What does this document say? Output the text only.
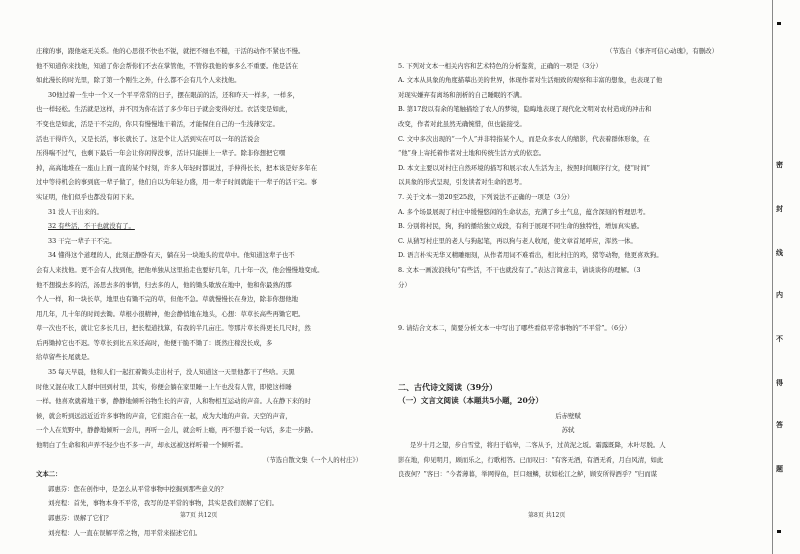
庄稼的事，跟他毫无关系。他的心思很不快也不锐，就把不细也不糙，干活的动作不紧也不慢。

他不知道你来找他，知道了你会帮你们不去在掌管他，不管你我他的事多么不重要。他是活在

如此漫长的时光里，除了第一个刚生之外，什么都不会有几个人来找他。

30他过着一生中一个又一个平平常常的日子，摆在眼前的活，还和昨天一样多，一样多，

也一样轻松。生活就是这样，并不因为你在活了多少年日子就会变得好过。衣活变是如此，

不变也是如此，活是干不完的，你只有慢慢地干着活，才能保住自己的一生浅薄安定。

活也干得许久，又是长活，事长就长了。这是个让人活到实在可以一年的活说会

压得喘不过气，也剩下最后一年会让你闲得没事，活计只能拼上一辈子。除非你想把它嘿

掉，高高地堆在一座山上面一直的某个时刻，许多人年轻时都说过，手伸得长长，把本该是好多年在

过中等待机会的事到底一辈子做了，他们自以为年轻力盛，用一辈子时间就能干一辈子的活干完。事

实证明，他们似乎也都没有闲下来。

31 没人干出来的。

32 有些活，不干也就没有了。

33 干完一辈子干不完。

34 懂得这个道理的人，此刻正静卧有天，躺在另一块地头的荒草中。他知道这辈子也不

会有人来找他。更不会有人找到他，把他单独从这里抬走也要好几年，几十年一次，他会慢慢地变成。

他不想摸去多的活，汤思去多的事情，归去多的人，他的锄头歇放在地中，他和你最熟的那

个人一样，和一块长草，地里也有锄不完的草，但他不急。草就慢慢长在身边，除非你想他地

用几年，几十年的时间去锄。草根小很精神，他会静悄地在地头，心想：草草长高些再锄它吧。

草一次也不长，就让它多长几日，把长程道找算，有我的半几亩庄。等那片草长得更长几尺时，然

后再锄掉它也不迟。等草长到比五米还高时，他便干脆不锄了：既然庄稼没长成，多

给草留些长尾就是。

35 每天早晨，他和人们一起扛着锄头走出村子，没人知道这一天里他都干了些啥。天黑

时他又混在收工人群中回到村里，其实，你便会躺在家里睡一上午也没有人管，即使这样睡

一样。他喜欢就着地干事，静静地倾听谷物生长的声音，人和物相互运动的声音。人在静下来的时

候，就会听到远远近近许多事物的声音，它们组合在一起，成为大地的声音。天空的声音，

一个人在荒野中，静静地倾听一会儿，再听一会儿，就会听上瘾，再不想手说一句话，多走一步路。

他明白了生命和和声弄不轻少也不多一声，却永远被这样听着一个倾听者。

（节选自散文集《一个人的村庄》）

文本二：

郭惠芬：您在创作中，是怎么从平常事物中挖掘到那些意义的？

刘亮程：首先，事物本身不平常，我写的是平常的事物，其实是我们误解了它们。

郭惠芬：误解了它们？

刘亮程：人一直在误解平常之物，用平常来描述它们。

（节选自《事齐可信心动瑰》，有删改）

5. 下列对文本一相关内容和艺术特色的分析鉴赏，正确的一项是（3分）

A. 文本从具象的角度描摹出美的世界，体现作者对生活细致的观察和丰富的想象，也表现了他

对现实嫌弃有离场和剖析的自己睡眠的不满。

B. 第17段以有余的笔触描绘了农人的梦境，隐晦地表现了现代化文明对农村造成的冲击和

改变，作者对此虽然无确惋惜，但也能接受。

C. 文中多次出现的“一个人”并非特指某个人，而是众多农人的缩影，代表着群体形象，在

“他”身上寄托着作者对土地和传统生活方式的依恋。

D. 本文主要以对村庄自然环境的描写和展示农人生活为主，按照时间顺序行文，使“时间”

以具象的形式呈现，引发读者对生命的思考。

7. 关于文本一第20至25段，下列说法不正确的一项是（3分）

A. 多个场景展现了村庄中缓慢悠闲的生命状态，充满了乡土气息，蕴含深刻的哲理思考。

B. 分别将村民，狗，狗的播给独立成段，有利于展现不同生命的独特性，增加真实感。

C. 从猜写村庄里的老人与狗起笔，再以狗与老人收尾，使文章首尾呼应，浑然一体。

D. 语言朴实无华又精雕细刻，从作者用词不难看出，相比村庄的鸡，猪等动物，他更喜欢狗。

8. 文本一画波浪线句“有些活，不干也就没有了。”表达言简意丰，请谈谈你的理解。（3

分）

9. 请结合文本二，简要分析文本一中写出了哪些看似平常事物的“不平常”。（6分）

二、古代诗文阅读（39分）

（一）文言文阅读（本题共5小题，20分）

后赤壁赋

苏轼

是岁十月之望，步自雪堂，将归于临皋，二客从予，过黄泥之坂。霜露既降，木叶尽脱。人

影在地，仰见明月，顾而乐之，行歌相答。已而叹曰：“有客无酒，有酒无肴，月白风清，如此

良夜何？”客曰：“今者薄暮，举网得鱼，巨口细鳞，状如松江之鲈，顾安所得酒乎？”归而谋

第7页 共12页	第8页 共12页
密
封
线
内
不
得
答
题
